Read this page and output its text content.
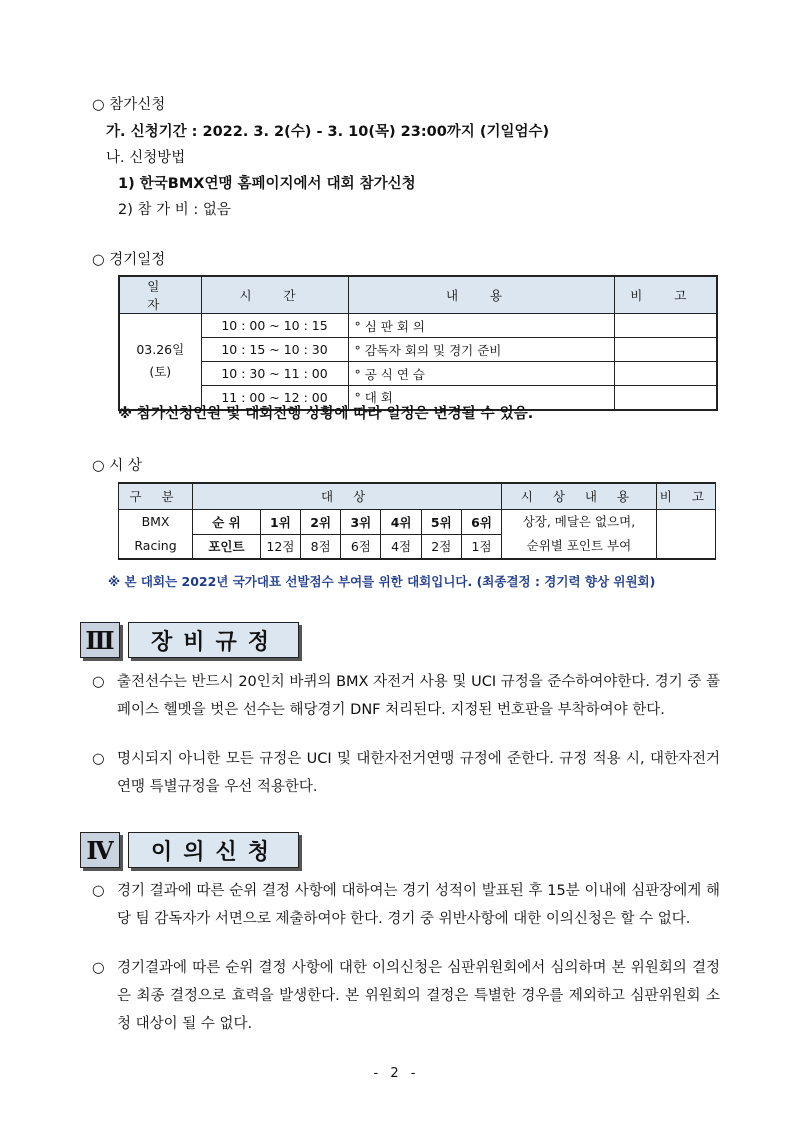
○ 참가신청
가. 신청기간 : 2022. 3. 2(수) - 3. 10(목) 23:00까지 (기일엄수)
나. 신청방법
1) 한국BMX연맹 홈페이지에서 대회 참가신청
2) 참 가 비 : 없음
○ 경기일정
일 자	시 간	내 용	비 고
03.26일
(토)	10 : 00 ~ 10 : 15	° 심 판 회 의	
	10 : 15 ~ 10 : 30	° 감독자 회의 및 경기 준비	
	10 : 30 ~ 11 : 00	° 공 식 연 습	
	11 : 00 ~ 12 : 00	° 대 회	
※ 참가신청인원 및 대회진행 상황에 따라 일정은 변경될 수 있음.
○ 시 상
구 분	대 상							시 상 내 용	비 고
BMX
Racing	순 위	1위	2위	3위	4위	5위	6위	상장, 메달은 없으며,
순위별 포인트 부여	
	포인트	12점	8점	6점	4점	2점	1점		
※ 본 대회는 2022년 국가대표 선발점수 부여를 위한 대회입니다. (최종결정 : 경기력 향상 위원회)
Ⅲ	장비규정
○ 출전선수는 반드시 20인치 바퀴의 BMX 자전거 사용 및 UCI 규정을 준수하여야한다. 경기 중 풀페이스 헬멧을 벗은 선수는 해당경기 DNF 처리된다. 지정된 번호판을 부착하여야 한다.
○ 명시되지 아니한 모든 규정은 UCI 및 대한자전거연맹 규정에 준한다. 규정 적용 시, 대한자전거연맹 특별규정을 우선 적용한다.
Ⅳ	이의신청
○ 경기 결과에 따른 순위 결정 사항에 대하여는 경기 성적이 발표된 후 15분 이내에 심판장에게 해당 팀 감독자가 서면으로 제출하여야 한다. 경기 중 위반사항에 대한 이의신청은 할 수 없다.
○ 경기결과에 따른 순위 결정 사항에 대한 이의신청은 심판위원회에서 심의하며 본 위원회의 결정은 최종 결정으로 효력을 발생한다. 본 위원회의 결정은 특별한 경우를 제외하고 심판위원회 소청 대상이 될 수 없다.
- 2 -
